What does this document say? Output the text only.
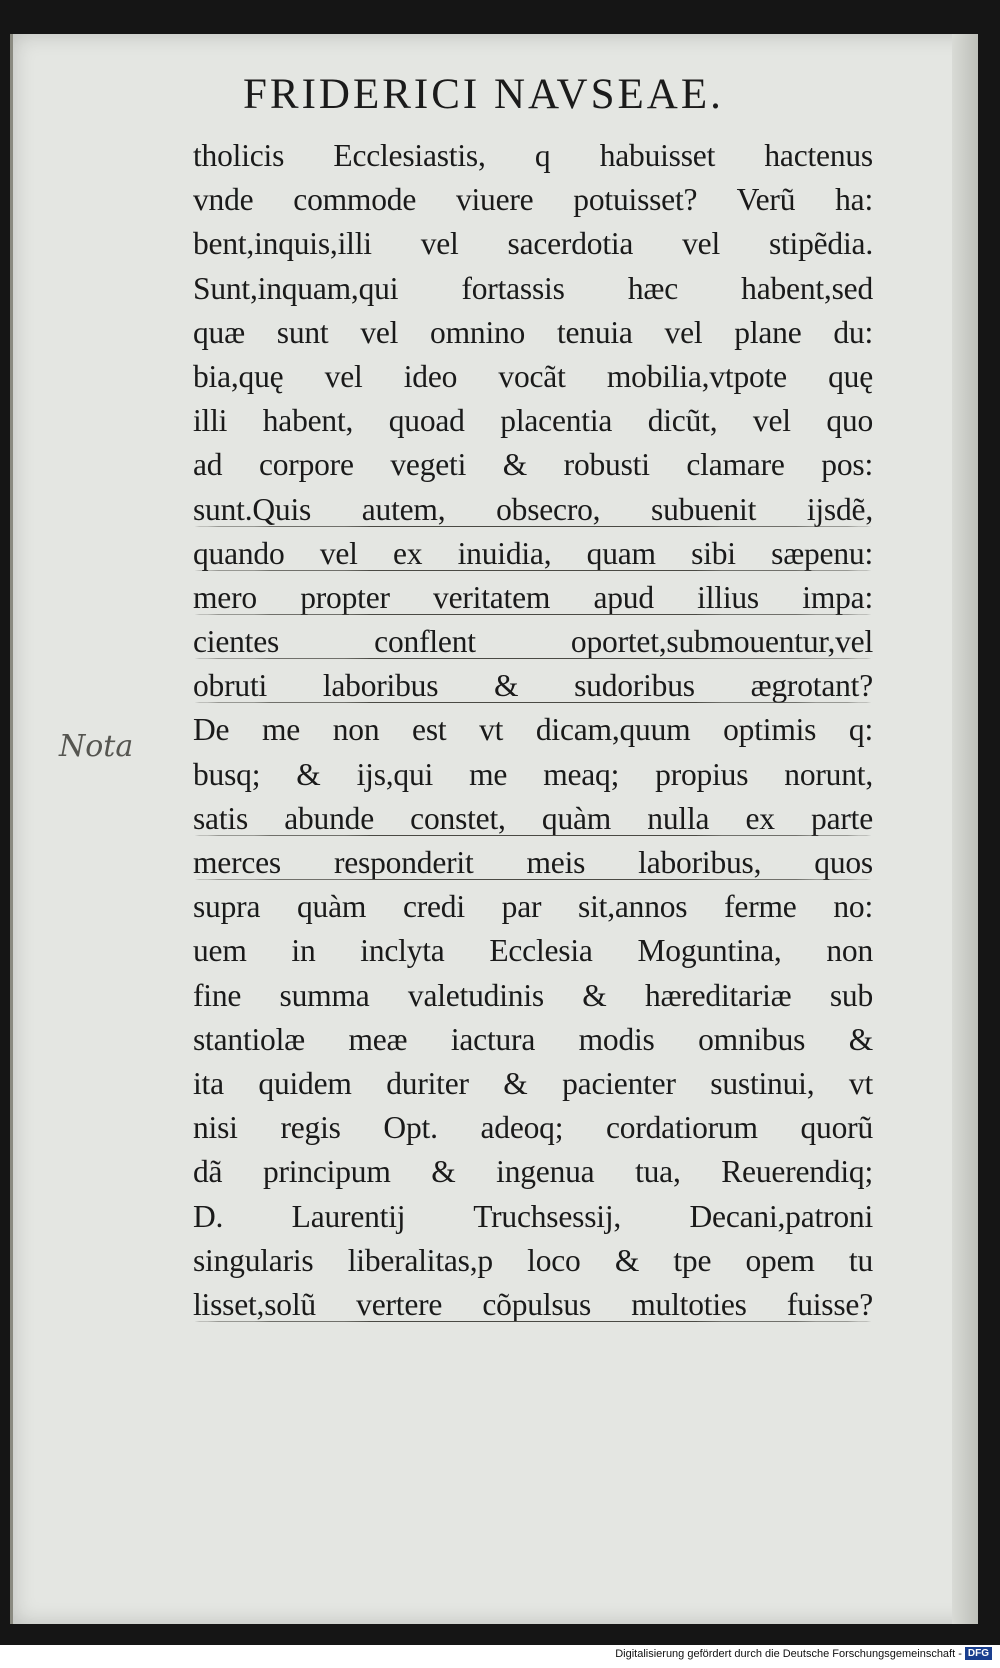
FRIDERICI NAVSEAE.
Nota
tholicis Ecclesiastis, q habuisset hactenus
vnde commode viuere potuisset? Verũ ha:
bent,inquis,illi vel sacerdotia vel stipẽdia.
Sunt,inquam,qui fortassis hæc habent,sed
quæ sunt vel omnino tenuia vel plane du:
bia,quę vel ideo vocãt mobilia,vtpote quę
illi habent, quoad placentia dicũt, vel quo
ad corpore vegeti & robusti clamare pos:
sunt.Quis autem, obsecro, subuenit ijsdẽ,
quando vel ex inuidia, quam sibi sæpenu:
mero propter veritatem apud illius impa:
cientes conflent oportet,submouentur,vel
obruti laboribus & sudoribus ægrotant?
De me non est vt dicam,quum optimis q:
busq; & ijs,qui me meaq; propius norunt,
satis abunde constet, quàm nulla ex parte
merces responderit meis laboribus, quos
supra quàm credi par sit,annos ferme no:
uem in inclyta Ecclesia Moguntina, non
fine summa valetudinis & hæreditariæ sub
stantiolæ meæ iactura modis omnibus &
ita quidem duriter & pacienter sustinui, vt
nisi regis Opt. adeoq; cordatiorum quorũ
dã principum & ingenua tua, Reuerendiq;
D. Laurentij Truchsessij, Decani,patroni
singularis liberalitas,p loco & tpe opem tu
lisset,solũ vertere cõpulsus multoties fuisse?
Digitalisierung gefördert durch die Deutsche Forschungsgemeinschaft - DFG
